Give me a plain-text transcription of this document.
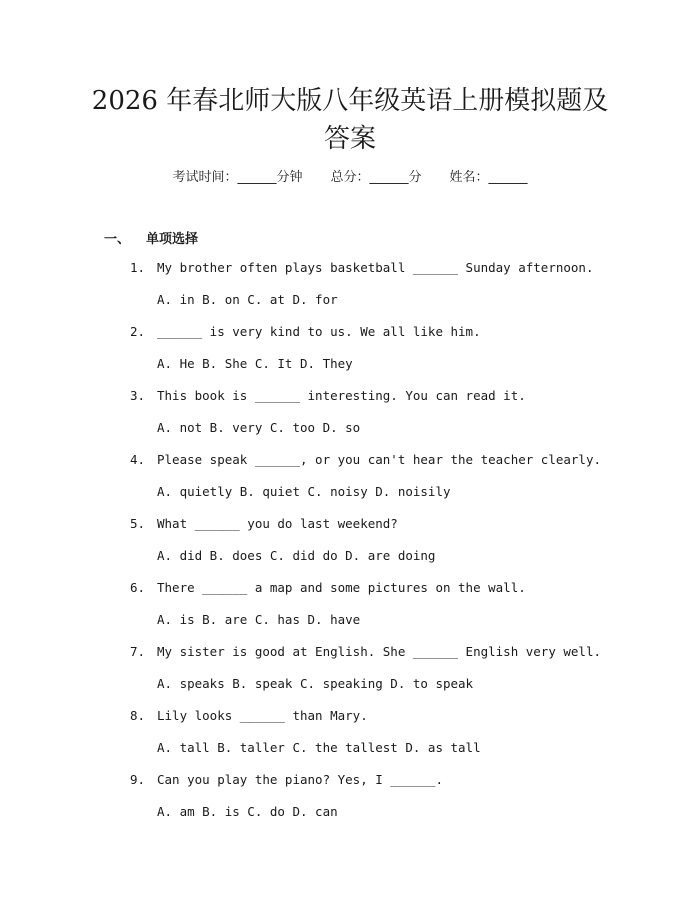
2026 年春北师大版八年级英语上册模拟题及
答案
考试时间：______分钟 总分：______分 姓名：______
一、 单项选择
1. My brother often plays basketball ______ Sunday afternoon.
A. in B. on C. at D. for
2. ______ is very kind to us. We all like him.
A. He B. She C. It D. They
3. This book is ______ interesting. You can read it.
A. not B. very C. too D. so
4. Please speak ______, or you can't hear the teacher clearly.
A. quietly B. quiet C. noisy D. noisily
5. What ______ you do last weekend?
A. did B. does C. did do D. are doing
6. There ______ a map and some pictures on the wall.
A. is B. are C. has D. have
7. My sister is good at English. She ______ English very well.
A. speaks B. speak C. speaking D. to speak
8. Lily looks ______ than Mary.
A. tall B. taller C. the tallest D. as tall
9. Can you play the piano? Yes, I ______.
A. am B. is C. do D. can
